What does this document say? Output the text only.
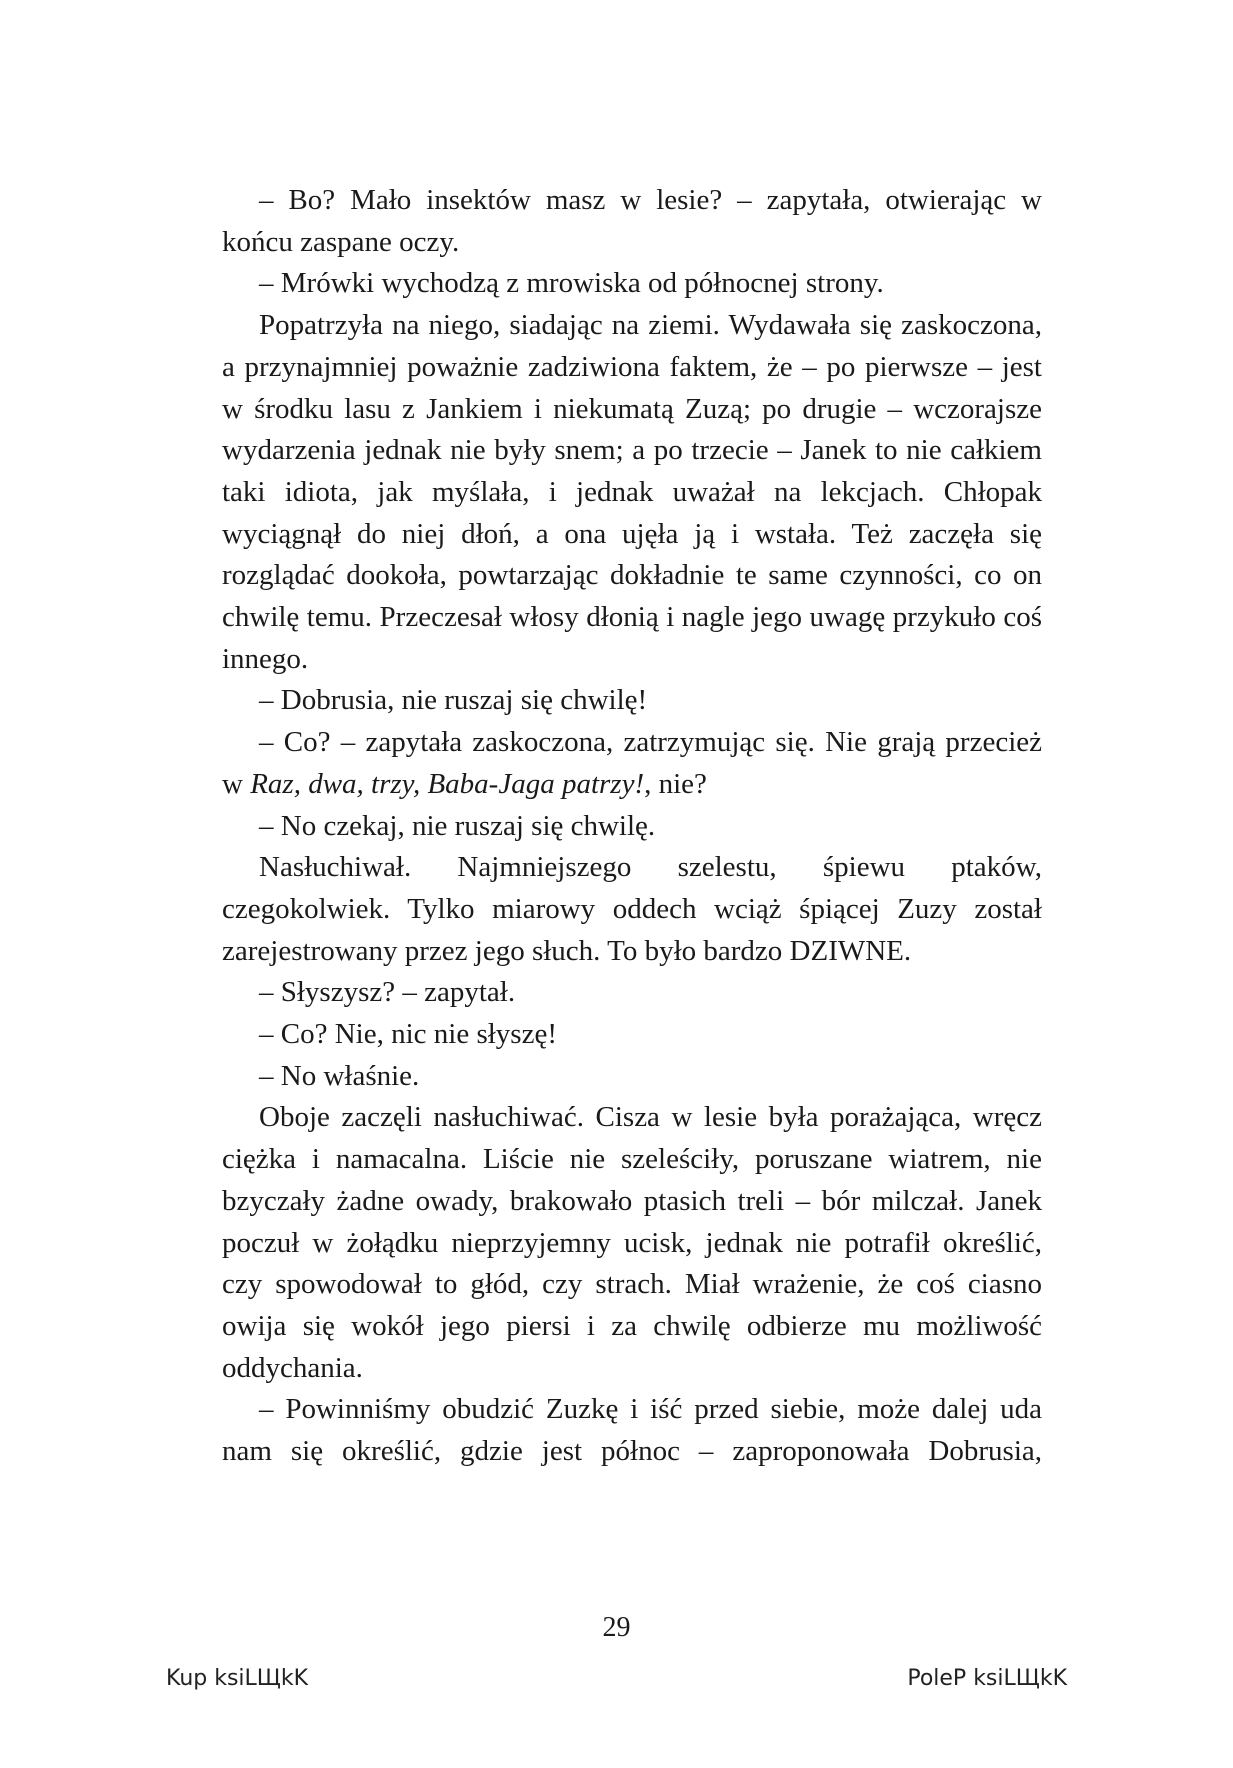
– Bo? Mało insektów masz w lesie? – zapytała, otwierając w końcu zaspane oczy.

– Mrówki wychodzą z mrowiska od północnej strony.

Popatrzyła na niego, siadając na ziemi. Wydawała się zaskoczona, a przynajmniej poważnie zadziwiona faktem, że – po pierwsze – jest w środku lasu z Jankiem i niekumatą Zuzą; po drugie – wczorajsze wydarzenia jednak nie były snem; a po trzecie – Janek to nie całkiem taki idiota, jak myślała, i jednak uważał na lekcjach. Chłopak wyciągnął do niej dłoń, a ona ujęła ją i wstała. Też zaczęła się rozglądać dookoła, powtarzając dokładnie te same czynności, co on chwilę temu. Przeczesał włosy dłonią i nagle jego uwagę przykuło coś innego.

– Dobrusia, nie ruszaj się chwilę!

– Co? – zapytała zaskoczona, zatrzymując się. Nie grają przecież w Raz, dwa, trzy, Baba-Jaga patrzy!, nie?

– No czekaj, nie ruszaj się chwilę.

Nasłuchiwał. Najmniejszego szelestu, śpiewu ptaków, czegokolwiek. Tylko miarowy oddech wciąż śpiącej Zuzy został zarejestrowany przez jego słuch. To było bardzo DZIWNE.

– Słyszysz? – zapytał.

– Co? Nie, nic nie słyszę!

– No właśnie.

Oboje zaczęli nasłuchiwać. Cisza w lesie była porażająca, wręcz ciężka i namacalna. Liście nie szeleściły, poruszane wiatrem, nie bzyczały żadne owady, brakowało ptasich treli – bór milczał. Janek poczuł w żołądku nieprzyjemny ucisk, jednak nie potrafił określić, czy spowodował to głód, czy strach. Miał wrażenie, że coś ciasno owija się wokół jego piersi i za chwilę odbierze mu możliwość oddychania.

– Powinniśmy obudzić Zuzkę i iść przed siebie, może dalej uda nam się określić, gdzie jest północ – zaproponowała Dobrusia,

29
Kup ksiLЩkK	PoleP ksiLЩkK
